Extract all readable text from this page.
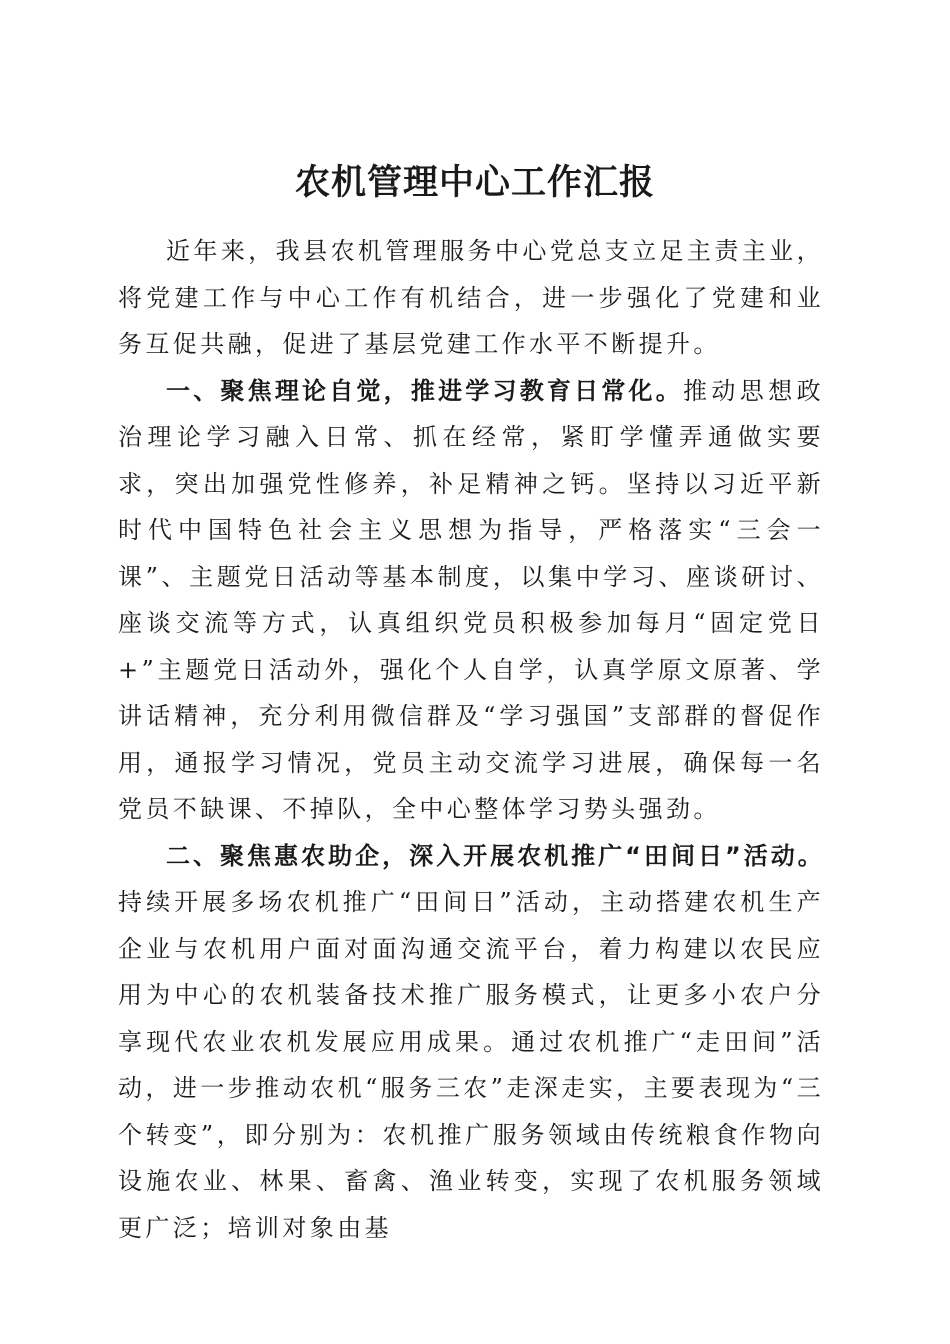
农机管理中心工作汇报

近年来，我县农机管理服务中心党总支立足主责主业，将党建工作与中心工作有机结合，进一步强化了党建和业务互促共融，促进了基层党建工作水平不断提升。

一、聚焦理论自觉，推进学习教育日常化。推动思想政治理论学习融入日常、抓在经常，紧盯学懂弄通做实要求，突出加强党性修养，补足精神之钙。坚持以习近平新时代中国特色社会主义思想为指导，严格落实“三会一课”、主题党日活动等基本制度，以集中学习、座谈研讨、座谈交流等方式，认真组织党员积极参加每月“固定党日+”主题党日活动外，强化个人自学，认真学原文原著、学讲话精神，充分利用微信群及“学习强国”支部群的督促作用，通报学习情况，党员主动交流学习进展，确保每一名党员不缺课、不掉队，全中心整体学习势头强劲。

二、聚焦惠农助企，深入开展农机推广“田间日”活动。持续开展多场农机推广“田间日”活动，主动搭建农机生产企业与农机用户面对面沟通交流平台，着力构建以农民应用为中心的农机装备技术推广服务模式，让更多小农户分享现代农业农机发展应用成果。通过农机推广“走田间”活动，进一步推动农机“服务三农”走深走实，主要表现为“三个转变”，即分别为：农机推广服务领域由传统粮食作物向设施农业、林果、畜禽、渔业转变，实现了农机服务领域更广泛；培训对象由基
